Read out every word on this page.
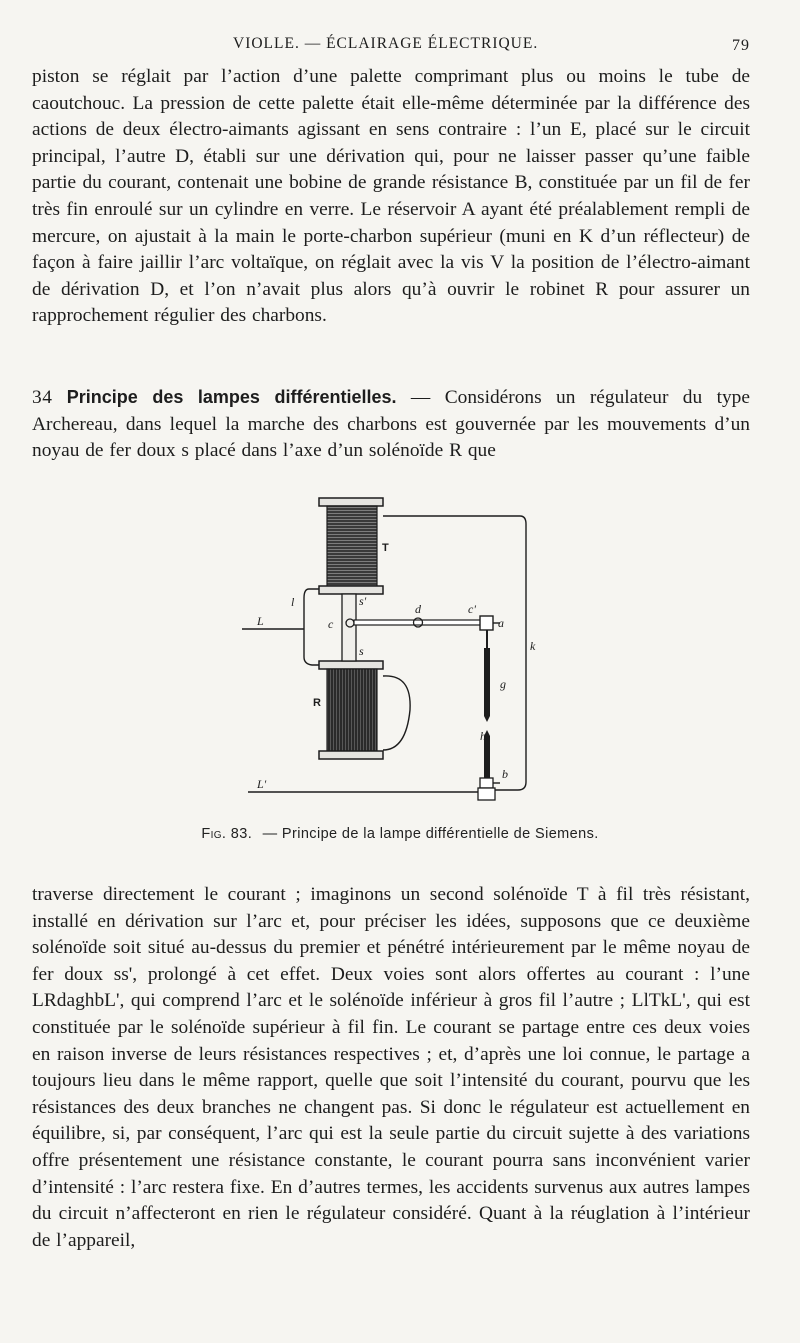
VIOLLE. — ÉCLAIRAGE ÉLECTRIQUE.	79

piston se réglait par l’action d’une palette comprimant plus ou moins le tube de caoutchouc. La pression de cette palette était elle-même déterminée par la différence des actions de deux électro-aimants agissant en sens contraire : l’un E, placé sur le circuit principal, l’autre D, établi sur une dérivation qui, pour ne laisser passer qu’une faible partie du courant, contenait une bobine de grande résistance B, constituée par un fil de fer très fin enroulé sur un cylindre en verre. Le réservoir A ayant été préalablement rempli de mercure, on ajustait à la main le porte-charbon supérieur (muni en K d’un réflecteur) de façon à faire jaillir l’arc voltaïque, on réglait avec la vis V la position de l’électro-aimant de dérivation D, et l’on n’avait plus alors qu’à ouvrir le robinet R pour assurer un rapprochement régulier des charbons.

34 Principe des lampes différentielles. — Considérons un régulateur du type Archereau, dans lequel la marche des charbons est gouvernée par les mouvements d’un noyau de fer doux s placé dans l’axe d’un solénoïde R que

T
R
l
c
s'
s
d	c'
a
k
g
h
b
L
L'
Fig. 83. — Principe de la lampe différentielle de Siemens.

traverse directement le courant ; imaginons un second solénoïde T à fil très résistant, installé en dérivation sur l’arc et, pour préciser les idées, supposons que ce deuxième solénoïde soit situé au-dessus du premier et pénétré intérieurement par le même noyau de fer doux ss', prolongé à cet effet. Deux voies sont alors offertes au courant : l’une LRdaghbL', qui comprend l’arc et le solénoïde inférieur à gros fil l’autre ; LlTkL', qui est constituée par le solénoïde supérieur à fil fin. Le courant se partage entre ces deux voies en raison inverse de leurs résistances respectives ; et, d’après une loi connue, le partage a toujours lieu dans le même rapport, quelle que soit l’intensité du courant, pourvu que les résistances des deux branches ne changent pas. Si donc le régulateur est actuellement en équilibre, si, par conséquent, l’arc qui est la seule partie du circuit sujette à des variations offre présentement une résistance constante, le courant pourra sans inconvénient varier d’intensité : l’arc restera fixe. En d’autres termes, les accidents survenus aux autres lampes du circuit n’affecteront en rien le régulateur considéré. Quant à la réuglation à l’intérieur de l’appareil,
